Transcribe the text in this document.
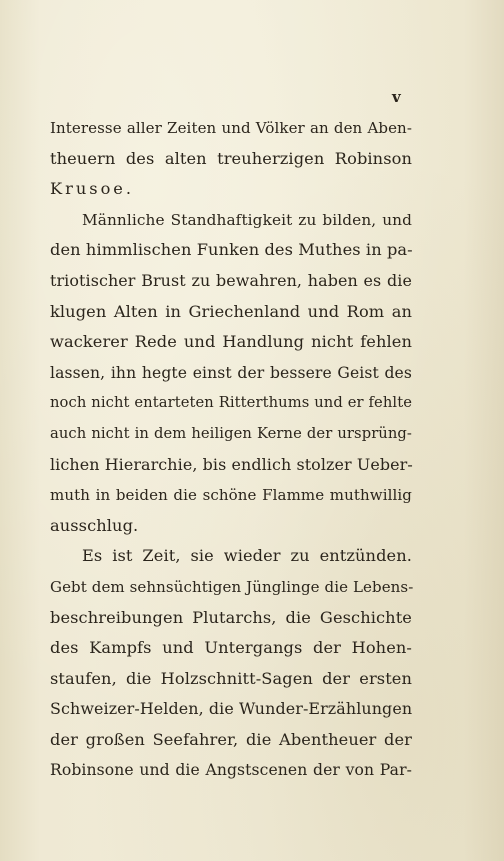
v
Interesse aller Zeiten und Völker an den Aben-
theuern des alten treuherzigen Robinson
Krusoe.
Männliche Standhaftigkeit zu bilden, und
den himmlischen Funken des Muthes in pa-
triotischer Brust zu bewahren, haben es die
klugen Alten in Griechenland und Rom an
wackerer Rede und Handlung nicht fehlen
lassen, ihn hegte einst der bessere Geist des
noch nicht entarteten Ritterthums und er fehlte
auch nicht in dem heiligen Kerne der ursprüng-
lichen Hierarchie, bis endlich stolzer Ueber-
muth in beiden die schöne Flamme muthwillig
ausschlug.
Es ist Zeit, sie wieder zu entzünden.
Gebt dem sehnsüchtigen Jünglinge die Lebens-
beschreibungen Plutarchs, die Geschichte
des Kampfs und Untergangs der Hohen-
staufen, die Holzschnitt-Sagen der ersten
Schweizer-Helden, die Wunder-Erzählungen
der großen Seefahrer, die Abentheuer der
Robinsone und die Angstscenen der von Par-
